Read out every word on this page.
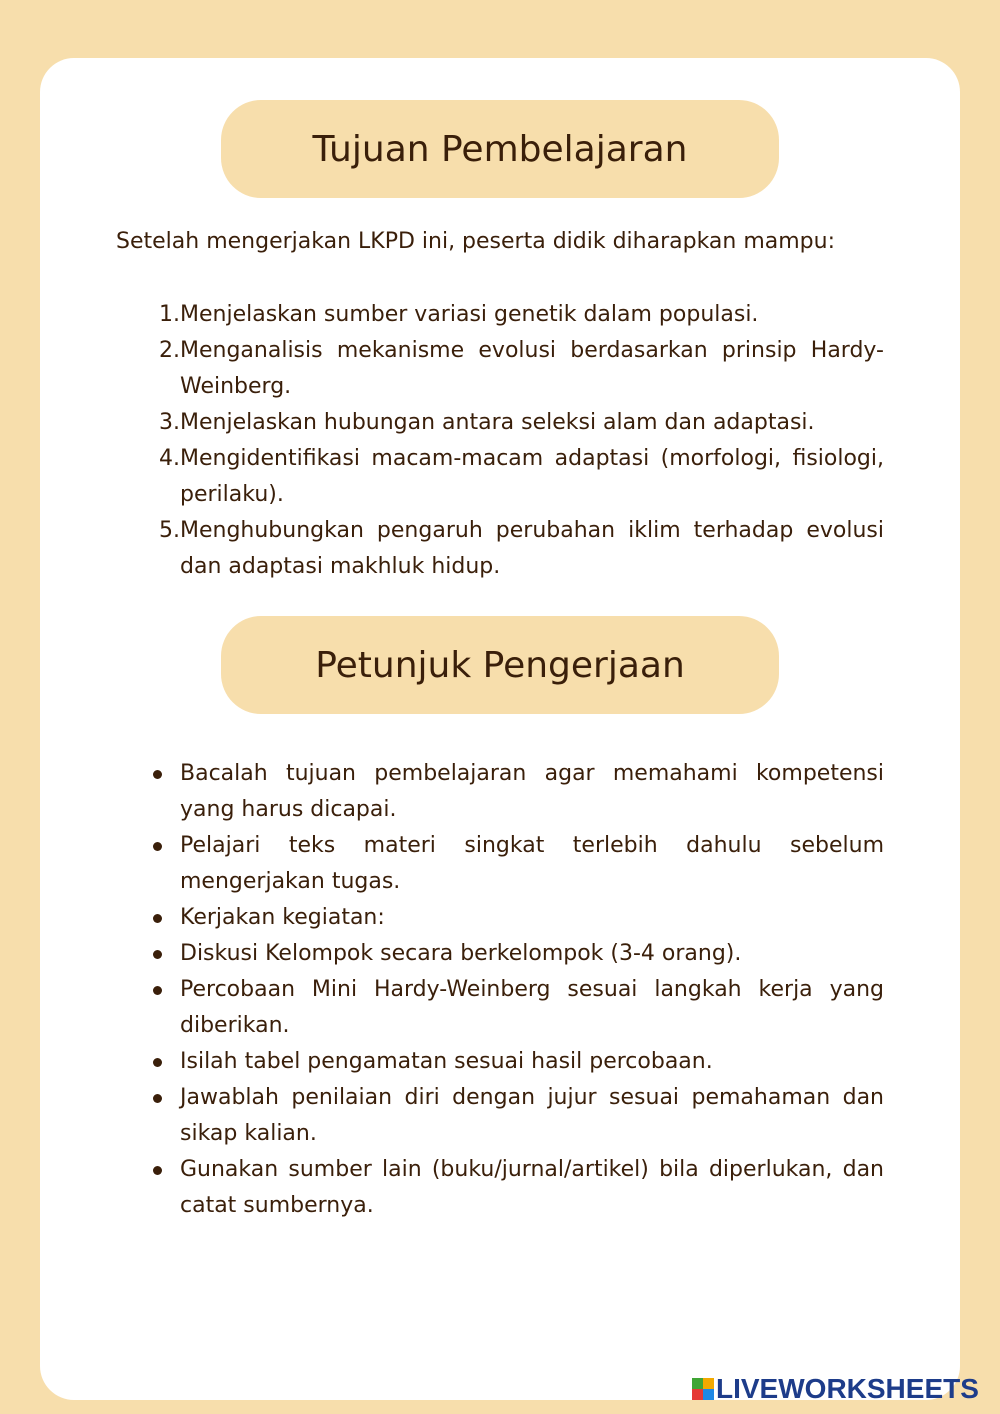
Tujuan Pembelajaran

Setelah mengerjakan LKPD ini, peserta didik diharapkan mampu:

1. Menjelaskan sumber variasi genetik dalam populasi.
2. Menganalisis mekanisme evolusi berdasarkan prinsip Hardy-Weinberg.
3. Menjelaskan hubungan antara seleksi alam dan adaptasi.
4. Mengidentifikasi macam-macam adaptasi (morfologi, fisiologi, perilaku).
5. Menghubungkan pengaruh perubahan iklim terhadap evolusi dan adaptasi makhluk hidup.
Petunjuk Pengerjaan
Bacalah tujuan pembelajaran agar memahami kompetensi yang harus dicapai.
Pelajari teks materi singkat terlebih dahulu sebelum mengerjakan tugas.
Kerjakan kegiatan:
Diskusi Kelompok secara berkelompok (3-4 orang).
Percobaan Mini Hardy-Weinberg sesuai langkah kerja yang diberikan.
Isilah tabel pengamatan sesuai hasil percobaan.
Jawablah penilaian diri dengan jujur sesuai pemahaman dan sikap kalian.
Gunakan sumber lain (buku/jurnal/artikel) bila diperlukan, dan catat sumbernya.
LIVEWORKSHEETS
